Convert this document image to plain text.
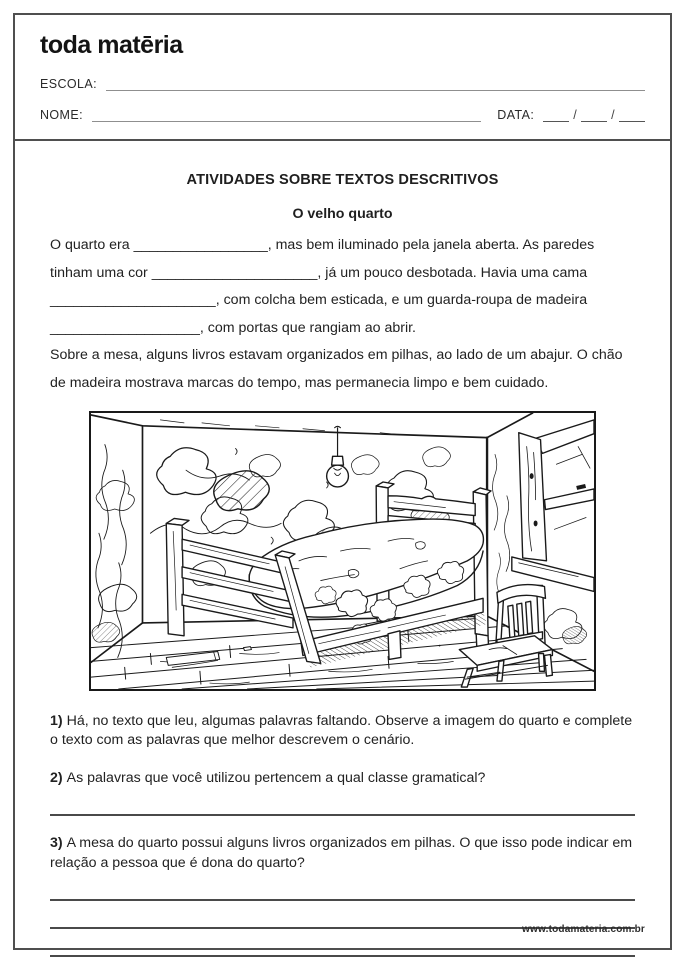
toda matēria
ESCOLA:
NOME:	DATA:	/	/
ATIVIDADES SOBRE TEXTOS DESCRITIVOS
O velho quarto

O quarto era _________________, mas bem iluminado pela janela aberta. As paredes tinham uma cor _____________________, já um pouco desbotada. Havia uma cama _____________________, com colcha bem esticada, e um guarda-roupa de madeira ___________________, com portas que rangiam ao abrir.

Sobre a mesa, alguns livros estavam organizados em pilhas, ao lado de um abajur. O chão de madeira mostrava marcas do tempo, mas permanecia limpo e bem cuidado.

1) Há, no texto que leu, algumas palavras faltando. Observe a imagem do quarto e complete o texto com as palavras que melhor descrevem o cenário.

2) As palavras que você utilizou pertencem a qual classe gramatical?

3) A mesa do quarto possui alguns livros organizados em pilhas. O que isso pode indicar em relação a pessoa que é dona do quarto?

www.todamateria.com.br
